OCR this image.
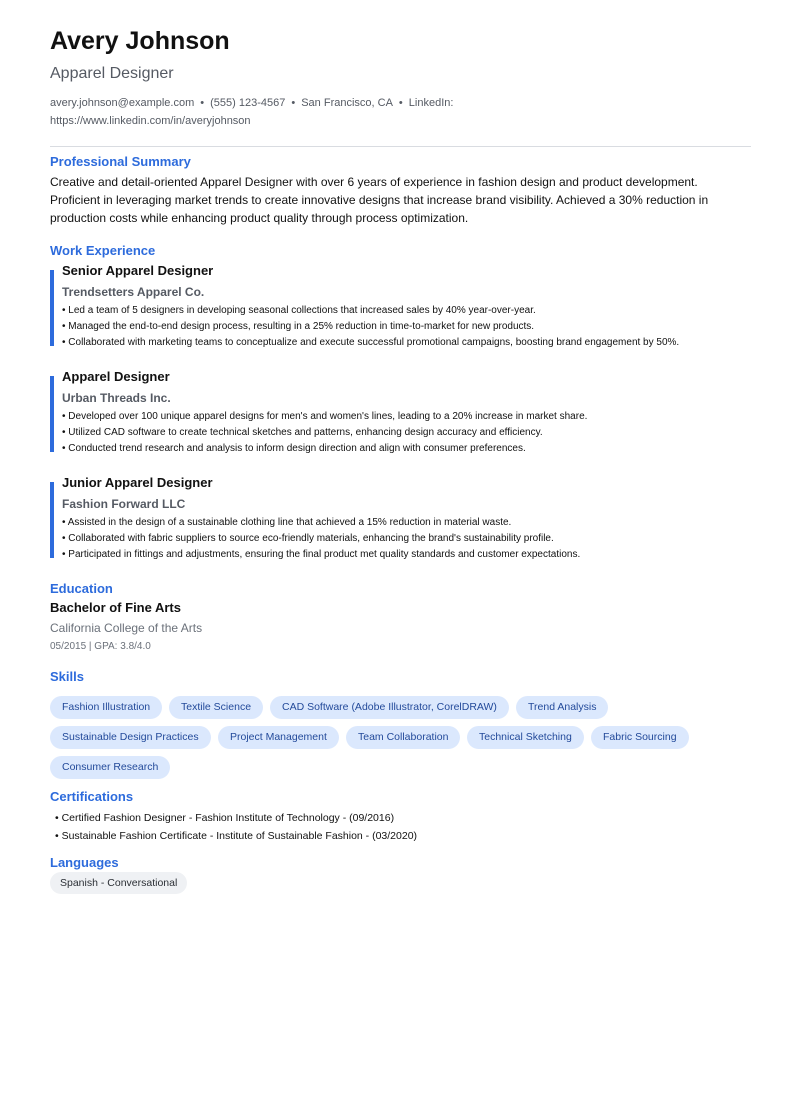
Avery Johnson
Apparel Designer
avery.johnson@example.com • (555) 123-4567 • San Francisco, CA • LinkedIn:
https://www.linkedin.com/in/averyjohnson
Professional Summary
Creative and detail-oriented Apparel Designer with over 6 years of experience in fashion design and product development. Proficient in leveraging market trends to create innovative designs that increase brand visibility. Achieved a 30% reduction in production costs while enhancing product quality through process optimization.
Work Experience
Senior Apparel Designer
Trendsetters Apparel Co.
• Led a team of 5 designers in developing seasonal collections that increased sales by 40% year-over-year.
• Managed the end-to-end design process, resulting in a 25% reduction in time-to-market for new products.
• Collaborated with marketing teams to conceptualize and execute successful promotional campaigns, boosting brand engagement by 50%.
Apparel Designer
Urban Threads Inc.
• Developed over 100 unique apparel designs for men's and women's lines, leading to a 20% increase in market share.
• Utilized CAD software to create technical sketches and patterns, enhancing design accuracy and efficiency.
• Conducted trend research and analysis to inform design direction and align with consumer preferences.
Junior Apparel Designer
Fashion Forward LLC
• Assisted in the design of a sustainable clothing line that achieved a 15% reduction in material waste.
• Collaborated with fabric suppliers to source eco-friendly materials, enhancing the brand's sustainability profile.
• Participated in fittings and adjustments, ensuring the final product met quality standards and customer expectations.
Education
Bachelor of Fine Arts
California College of the Arts
05/2015 | GPA: 3.8/4.0
Skills
Fashion Illustration	Textile Science	CAD Software (Adobe Illustrator, CorelDRAW)	Trend Analysis
Sustainable Design Practices	Project Management	Team Collaboration	Technical Sketching	Fabric Sourcing
Consumer Research
Certifications
• Certified Fashion Designer - Fashion Institute of Technology - (09/2016)
• Sustainable Fashion Certificate - Institute of Sustainable Fashion - (03/2020)
Languages
Spanish - Conversational
